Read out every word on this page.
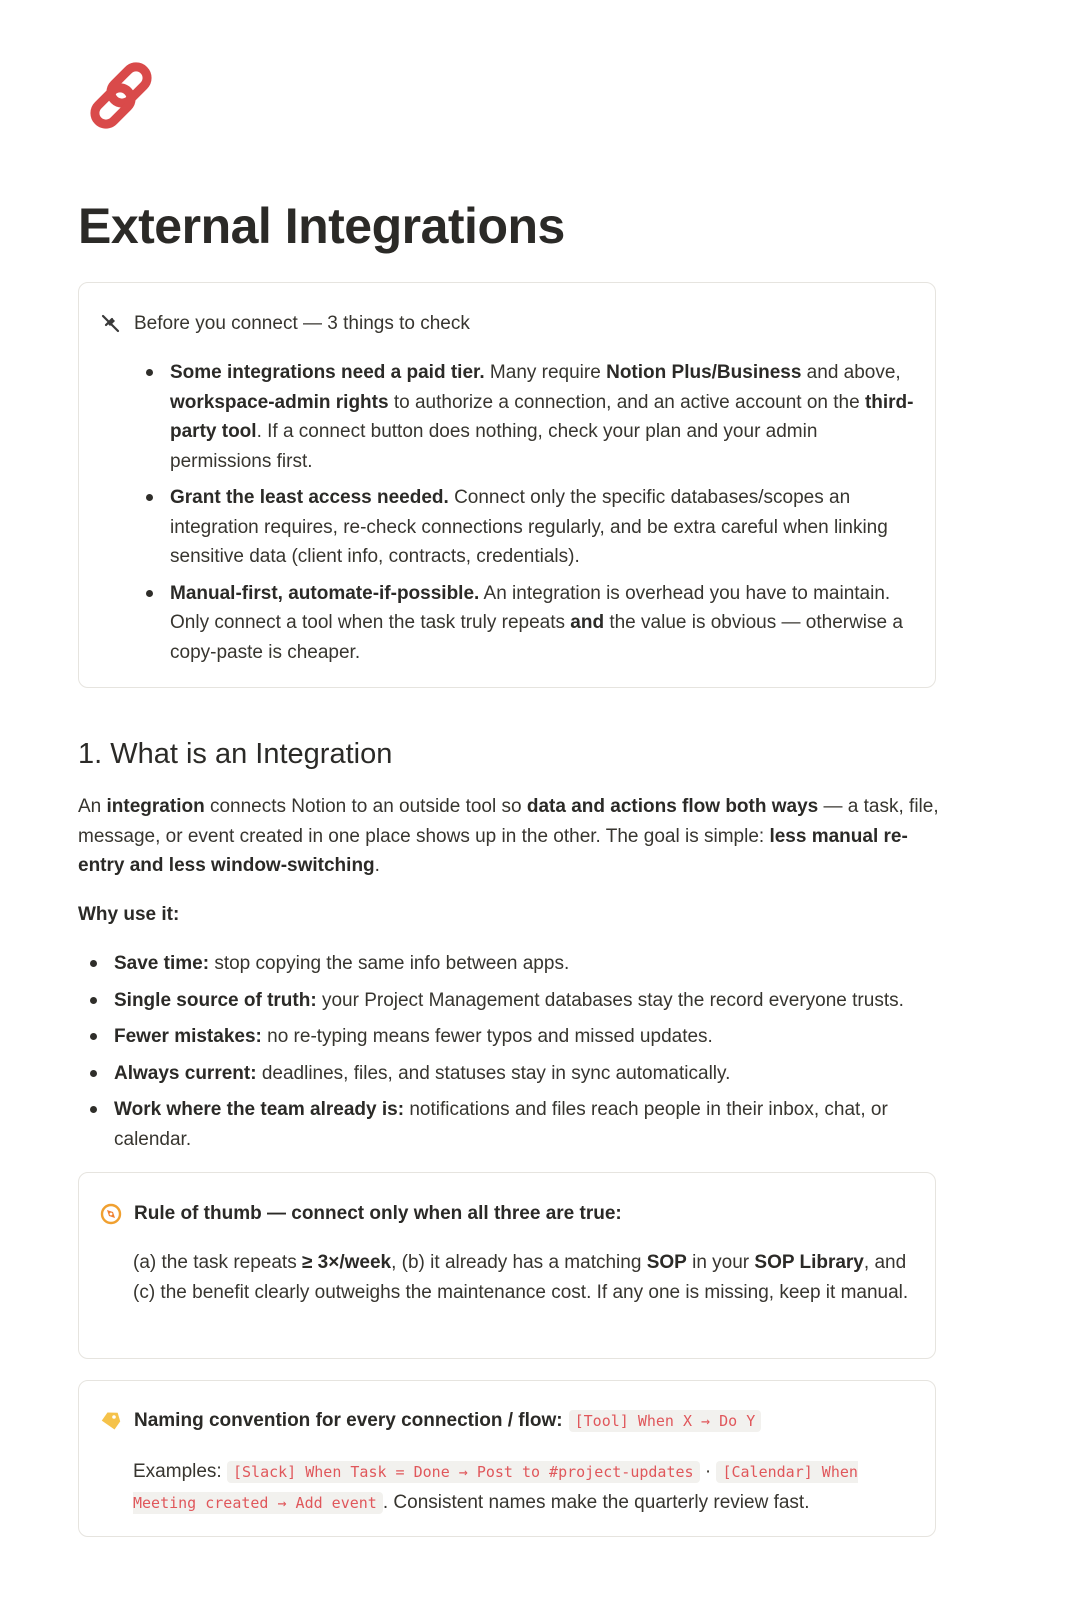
External Integrations
Before you connect — 3 things to check
Some integrations need a paid tier. Many require Notion Plus/Business and above, workspace-admin rights to authorize a connection, and an active account on the third-party tool. If a connect button does nothing, check your plan and your admin permissions first.
Grant the least access needed. Connect only the specific databases/scopes an integration requires, re-check connections regularly, and be extra careful when linking sensitive data (client info, contracts, credentials).
Manual-first, automate-if-possible. An integration is overhead you have to maintain. Only connect a tool when the task truly repeats and the value is obvious — otherwise a copy-paste is cheaper.
1. What is an Integration

An integration connects Notion to an outside tool so data and actions flow both ways — a task, file, message, or event created in one place shows up in the other. The goal is simple: less manual re-entry and less window-switching.

Why use it:

Save time: stop copying the same info between apps.
Single source of truth: your Project Management databases stay the record everyone trusts.
Fewer mistakes: no re-typing means fewer typos and missed updates.
Always current: deadlines, files, and statuses stay in sync automatically.
Work where the team already is: notifications and files reach people in their inbox, chat, or calendar.
Rule of thumb — connect only when all three are true:

(a) the task repeats ≥ 3×/week, (b) it already has a matching SOP in your SOP Library, and (c) the benefit clearly outweighs the maintenance cost. If any one is missing, keep it manual.

Naming convention for every connection / flow: [Tool] When X → Do Y

Examples: [Slack] When Task = Done → Post to #project-updates · [Calendar] When Meeting created → Add event . Consistent names make the quarterly review fast.
